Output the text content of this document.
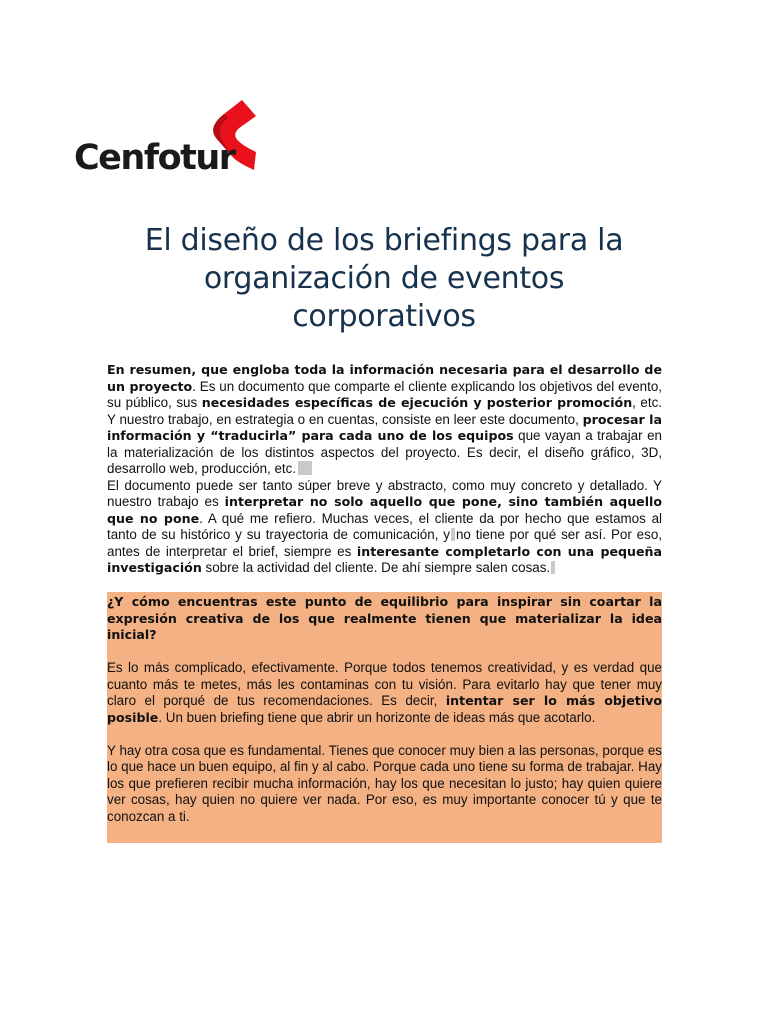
Cenfotur
El diseño de los briefings para la
organización de eventos
corporativos

En resumen, que engloba toda la información necesaria para el desarrollo de un proyecto. Es un documento que comparte el cliente explicando los objetivos del evento, su público, sus necesidades específicas de ejecución y posterior promoción, etc. Y nuestro trabajo, en estrategia o en cuentas, consiste en leer este documento, procesar la información y “traducirla” para cada uno de los equipos que vayan a trabajar en la materialización de los distintos aspectos del proyecto. Es decir, el diseño gráfico, 3D, desarrollo web, producción, etc.

El documento puede ser tanto súper breve y abstracto, como muy concreto y detallado. Y nuestro trabajo es interpretar no solo aquello que pone, sino también aquello que no pone. A qué me refiero. Muchas veces, el cliente da por hecho que estamos al tanto de su histórico y su trayectoria de comunicación, y no tiene por qué ser así. Por eso, antes de interpretar el brief, siempre es interesante completarlo con una pequeña investigación sobre la actividad del cliente. De ahí siempre salen cosas.

¿Y cómo encuentras este punto de equilibrio para inspirar sin coartar la expresión creativa de los que realmente tienen que materializar la idea inicial?

Es lo más complicado, efectivamente. Porque todos tenemos creatividad, y es verdad que cuanto más te metes, más les contaminas con tu visión. Para evitarlo hay que tener muy claro el porqué de tus recomendaciones. Es decir, intentar ser lo más objetivo posible. Un buen briefing tiene que abrir un horizonte de ideas más que acotarlo.

Y hay otra cosa que es fundamental. Tienes que conocer muy bien a las personas, porque es lo que hace un buen equipo, al fin y al cabo. Porque cada uno tiene su forma de trabajar. Hay los que prefieren recibir mucha información, hay los que necesitan lo justo; hay quien quiere ver cosas, hay quien no quiere ver nada. Por eso, es muy importante conocer tú y que te conozcan a ti.
